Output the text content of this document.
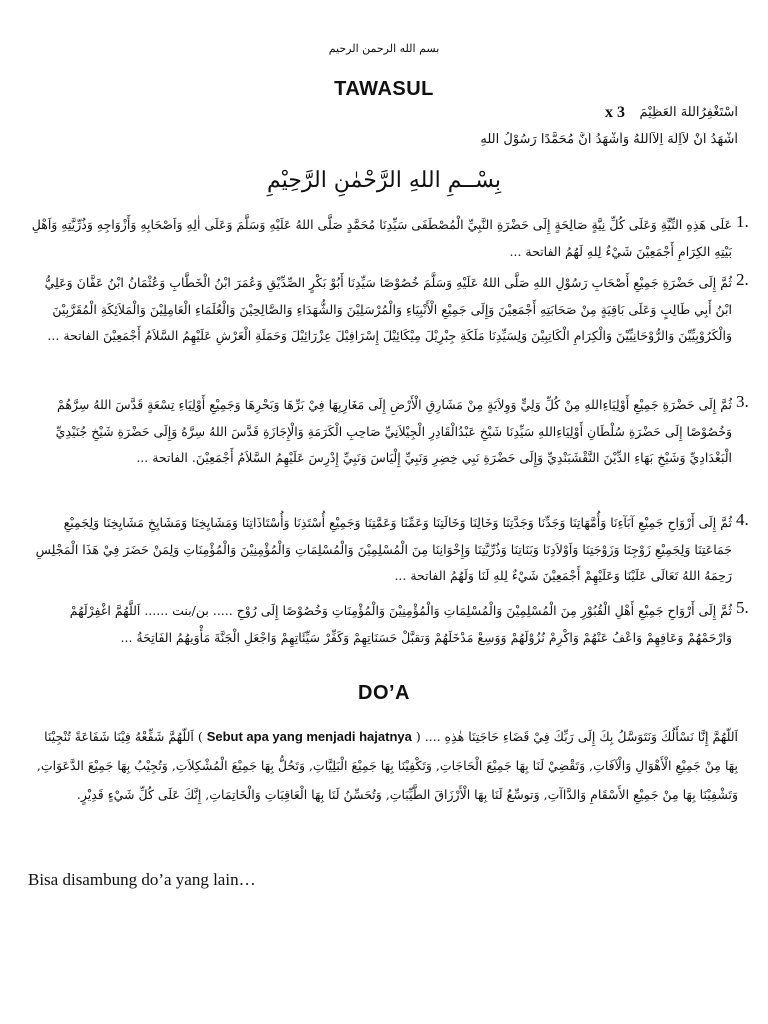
بسم الله الرحمن الرحيم
TAWASUL
اَسْتَغْفِرُاللهَ الْعَظِيْمَ
x 3
أَشْهَدُ اَنْ لاَاِلَهَ اِلاَّاللهُ وَأَشْهَدُ اَنَّ مُحَمَّدًا رَسُوْلُ اللهِ
بِسْــمِ اللهِ الرَّحْمٰنِ الرَّحِيْمِ
1.
عَلَى هَذِهِ النِّيَّةِ وَعَلَى كُلِّ نِيَّةٍ صَالِحَةٍ إِلَى حَضْرَةِ النَّبِيِّ الْمُصْطَفَى سَيِّدِنَا مُحَمَّدٍ صَلَّى اللهُ عَلَيْهِ وَسَلَّمَ وَعَلَى اٰلِهِ وَاَصْحَابِهِ وَأَزْوَاجِهِ وَذُرِّيَّتِهِ وَاَهْلِ بَيْتِهِ الكِرَامِ أَجْمَعِيْنَ شَيْءٌ لِلهِ لَهُمُ الفاتحة ...
2.
ثُمَّ إِلَى حَضْرَةِ جَمِيْعِ أَصْحَابِ رَسُوْلِ اللهِ صَلَّى اللهُ عَلَيْهِ وَسَلَّمَ خُصُوْصًا سَيِّدِنَا أَبُوْ بَكْرٍ الصِّدِّيْقِ وَعُمَرَ ابْنُ الْخَطَّابِ وَعُثْمَانُ ابْنُ عَفَّانَ وَعَلِيُّ ابْنُ أَبِي طَالِبٍ وَعَلَى بَاقِيَةٍ مِنْ صَحَابَتِهِ أَجْمَعِيْنَ وَإِلَى جَمِيْعِ الْأَنْبِيَاءِ وَالْمُرْسَلِيْنَ وَالشُّهَدَاءِ وَالصَّالِحِيْنَ وَالْعُلَمَاءِ الْعَامِلِيْنَ وَالْمَلاَئِكَةِ الْمُقَرَّبِيْنَ وَالْكَرُوْبِيِّيْنَ وَالرُّوْحَانِيِّيْنَ وَالْكِرَامِ الْكَاتِبِيْنَ وَلِسَيِّدِنَا مَلَكَةِ جِبْرِيْلَ مِيْكَائِيْلَ إِسْرَافِيْلَ عِزْرَائِيْلَ وَحَمَلَةِ الْعَرْشِ عَلَيْهِمُ السَّلاَمُ أَجْمَعِيْنَ الفاتحة ...
3.
ثُمَّ إِلَى حَضْرَةِ جَمِيْعِ أَوْلِيَاءِاللهِ مِنْ كُلِّ وَلِيٍّ وَوِلاَيَةٍ مِنْ مَشَارِقِ الْأَرْضِ إِلَى مَغَارِبِهَا فِيْ بَرِّهَا وَبَحْرِهَا وَجَمِيْعِ أَوْلِيَاءِ تِسْعَةٍ قَدَّسَ اللهُ سِرَّهُمْ وَخُصُوْصًا إِلَى حَضْرَةِ سُلْطَانِ أَوْلِيَاءِاللهِ سَيِّدِنَا شَيْخِ عَبْدُالْقَادِرِ الْجِيْلاَنِيِّ صَاحِبِ الْكَرَمَةِ وَالْإِجَازَةِ قَدَّسَ اللهُ سِرَّهُ وَإِلَى حَضْرَةِ شَيْخِ جُنَيْدِيِّ الْبَغْدَادِيِّ وَشَيْخِ بَهَاءِ الدِّيْنَ النَّقْشَبَنْدِيِّ وَإِلَى حَضْرَةِ نَبِي خِضِرِ وَنَبِيِّ إِلْيَاسَ وَنَبِيِّ إِدْرِسَ عَلَيْهِمُ السَّلاَمُ أَجْمَعِيْنَ. الفاتحة ...
4.
ثُمَّ إِلَى أَرْوَاحِ جَمِيْعِ آبَآءِنَا وَأُمَّهَاتِنَا وَجَدِّنَا وَجَدَّتِنَا وَخَالِنَا وَخَالَتِنَا وَعَمِّنَا وَعَمَّتِنَا وَجَمِيْعِ أُسْتَذِنَا وَأُسْتَاذَاتِنَا وَمَشَايِخِنَا وَمَشَايِخِ مَشَايِخِنَا وَلِجَمِيْعِ جَمَاعَتِنَا وَلِجَمِيْعِ زَوْجِنَا وَزَوْجَتِنَا وَاَوْلاَدِنَا وَبَنَاتِنَا وَذُرِّيَّتِنَا وَإِخْوَانِنَا مِنَ الْمُسْلِمِيْنَ وَالْمُسْلِمَاتِ وَالْمُؤْمِنِيْنَ وَالْمُؤْمِنَاتِ وَلِمَنْ حَضَرَ فِيْ هَذَا الْمَجْلِسِ رَحِمَهُ اللهُ تَعَالَى عَلَيْنَا وَعَلَيْهِمْ أَجْمَعِيْنَ شَيْءٌ لِلهِ لَنَا وَلَهُمُ الفاتحة ...
5.
ثُمَّ إِلَى أَرْوَاحِ جَمِيْعِ أَهْلِ الْقُبُوْرِ مِنَ الْمُسْلِمِيْنَ وَالْمُسْلِمَاتِ وَالْمُؤْمِنِيْنَ وَالْمُؤْمِنَاتِ وَخُصُوْصًا إِلَى رُوْحِ ..... بن/بنت ...... اَللَّهُمَّ اغْفِرْلَهُمْ وَارْحَمْهُمْ وَعَافِهِمْ وَاعْفُ عَنْهُمْ وَاكْرِمْ نُزُوْلَهُمْ وَوَسِعْ مَدْخَلَهُمْ وَتقبَّلْ حَسَنَاتِهِمْ وَكَفِّرْ سَيِّئَاتِهِمْ وَاجْعَلِ الْجَنَّةَ مَأْوَيهُمُ الفَاتِحَةُ ...
DO’A
اَللّهُمَّ إِنَّا نَسْأَلُكَ وَنَتَوَسَّلُ بِكَ إِلَى رَبِّكَ فِيْ قَضَاءِ حَاجَتِنَا هٰذِهِ .... ( Sebut apa yang menjadi hajatnya ) اَللّهُمَّ شَفِّعْهُ فِيْنَا شَفَاعَةً تُنْجِيْنَا بِهَا مِنْ جَمِيْعِ الْأَهْوَالِ وَالْآفَاتِ, وَتَقْضِيْ لَنَا بِهَا جَمِيْعَ الْحَاجَاتِ, وَتَكْفِيْنَا بِهَا جَمِيْعَ الْبَلِيَّاتِ, وَتَحُلُّ بِهَا جَمِيْعَ الْمُشْكِلاَتِ, وَتُجِيْبُ بِهَا جَمِيْعَ الدَّعَوَاتِ, وَتَشْفِيْنَا بِهَا مِنْ جَمِيْعِ الأَسْقَامِ وَالدَّاآتِ, وَتوسِّعُ لَنَا بِهَا الْأَرْزَاقَ الطَّيِّبَاتِ, وَتُحَسِّنُ لَنَا بِهَا الْعَاقِبَاتِ وَالْخَاتِمَاتِ, إِنَّكَ عَلَى كُلِّ شَيْءٍ قَدِيْرٍ.
Bisa disambung do’a yang lain…
